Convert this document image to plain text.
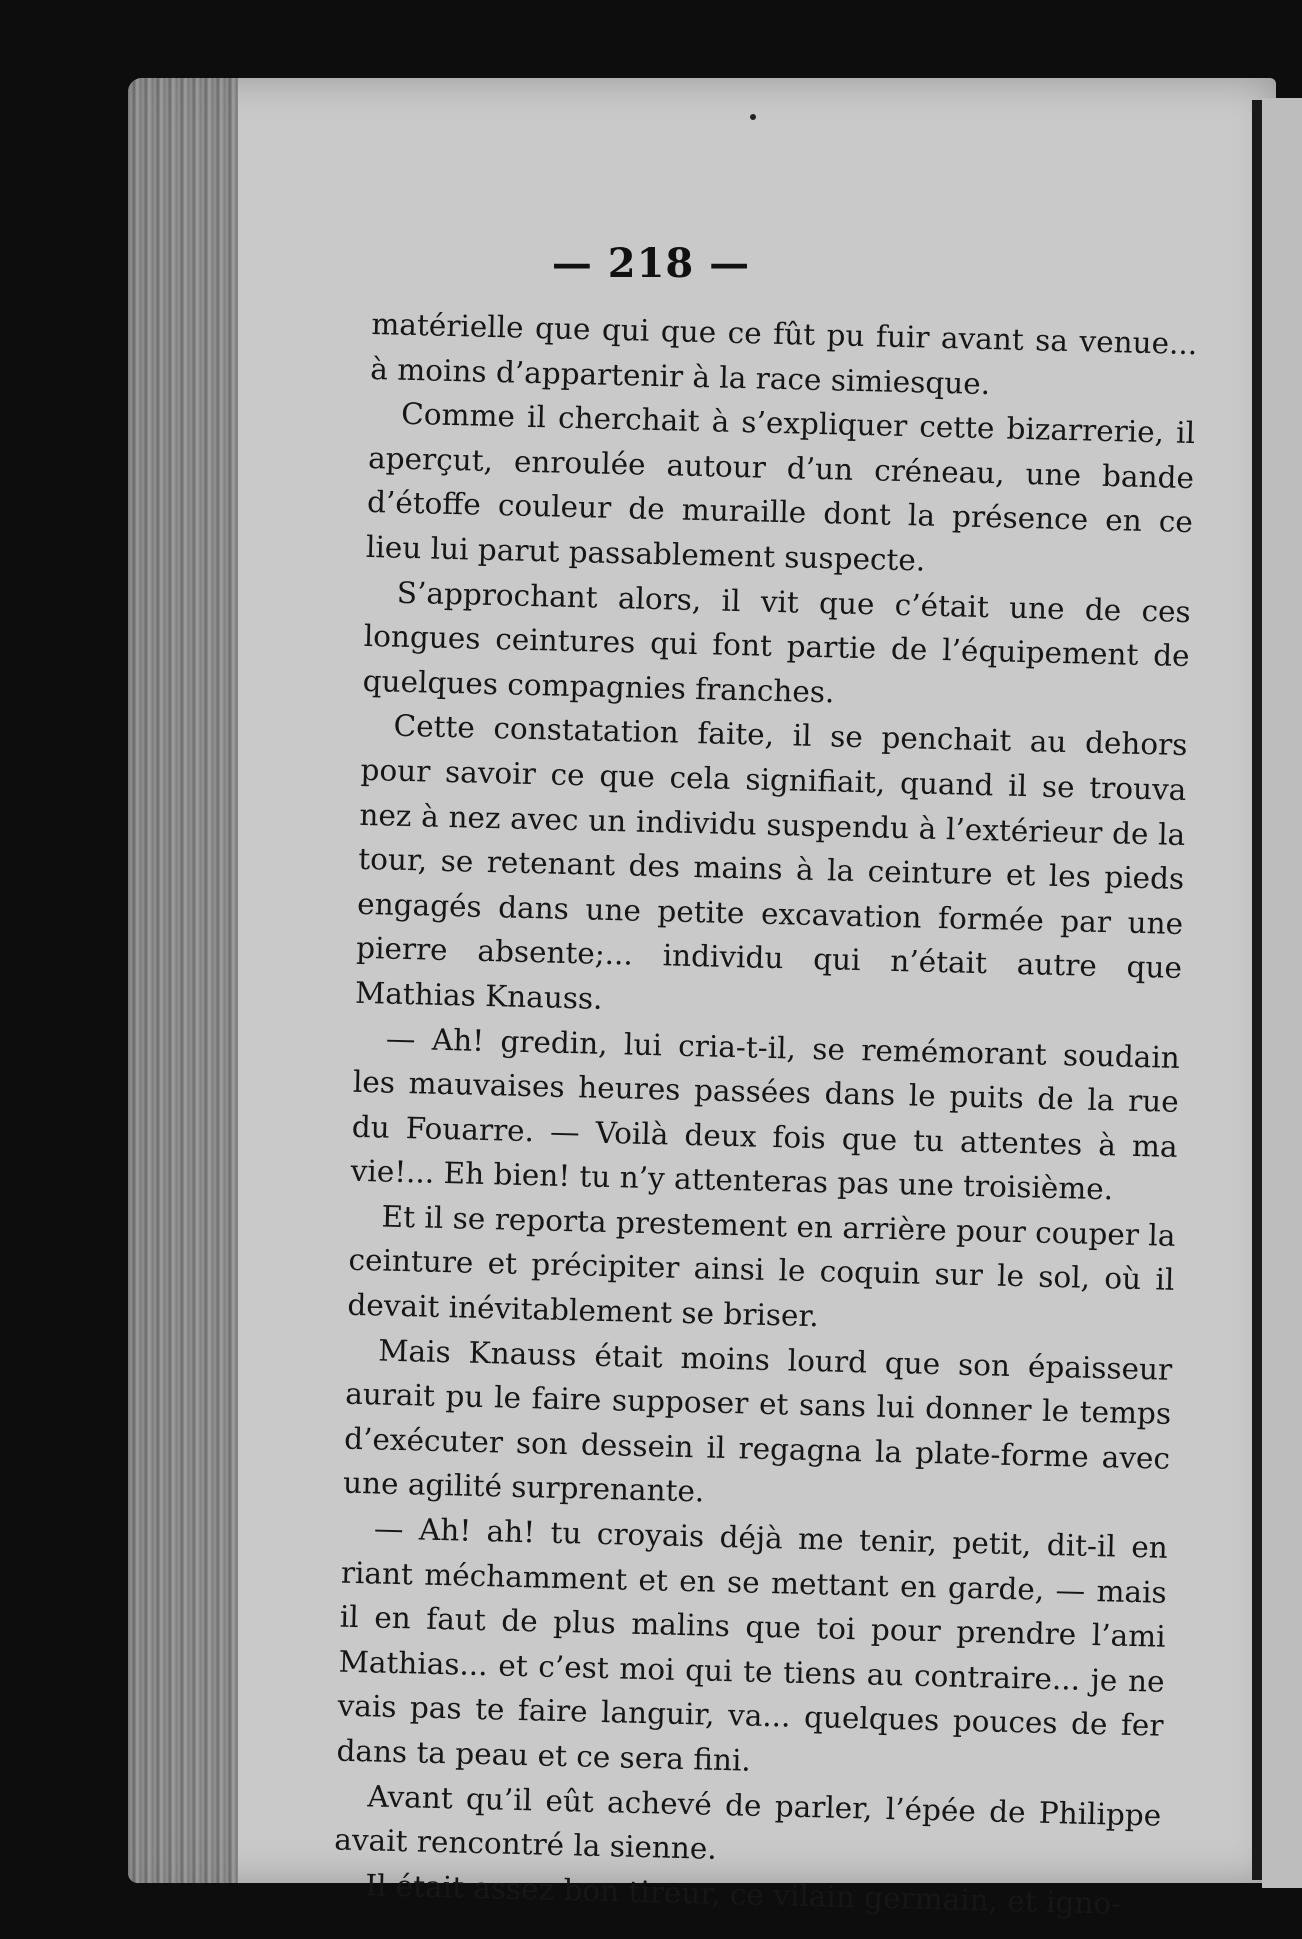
— 218 —

matérielle que qui que ce fût pu fuir avant sa venue... à moins d’appartenir à la race simiesque.

Comme il cherchait à s’expliquer cette bizarrerie, il aperçut, enroulée autour d’un créneau, une bande d’étoffe couleur de muraille dont la présence en ce lieu lui parut passablement suspecte.

S’approchant alors, il vit que c’était une de ces longues ceintures qui font partie de l’équipement de quelques compagnies franches.

Cette constatation faite, il se penchait au dehors pour savoir ce que cela signifiait, quand il se trouva nez à nez avec un individu suspendu à l’extérieur de la tour, se retenant des mains à la ceinture et les pieds engagés dans une petite excavation formée par une pierre absente;... individu qui n’était autre que Mathias Knauss.

— Ah! gredin, lui cria-t-il, se remémorant soudain les mauvaises heures passées dans le puits de la rue du Fouarre. — Voilà deux fois que tu attentes à ma vie!... Eh bien! tu n’y attenteras pas une troisième.

Et il se reporta prestement en arrière pour couper la ceinture et précipiter ainsi le coquin sur le sol, où il devait inévitablement se briser.

Mais Knauss était moins lourd que son épaisseur aurait pu le faire supposer et sans lui donner le temps d’exécuter son dessein il regagna la plate-forme avec une agilité surprenante.

— Ah! ah! tu croyais déjà me tenir, petit, dit-il en riant méchamment et en se mettant en garde, — mais il en faut de plus malins que toi pour prendre l’ami Mathias... et c’est moi qui te tiens au contraire... je ne vais pas te faire languir, va... quelques pouces de fer dans ta peau et ce sera fini.

Avant qu’il eût achevé de parler, l’épée de Philippe avait rencontré la sienne.

Il était assez bon tireur, ce vilain germain, et igno-
